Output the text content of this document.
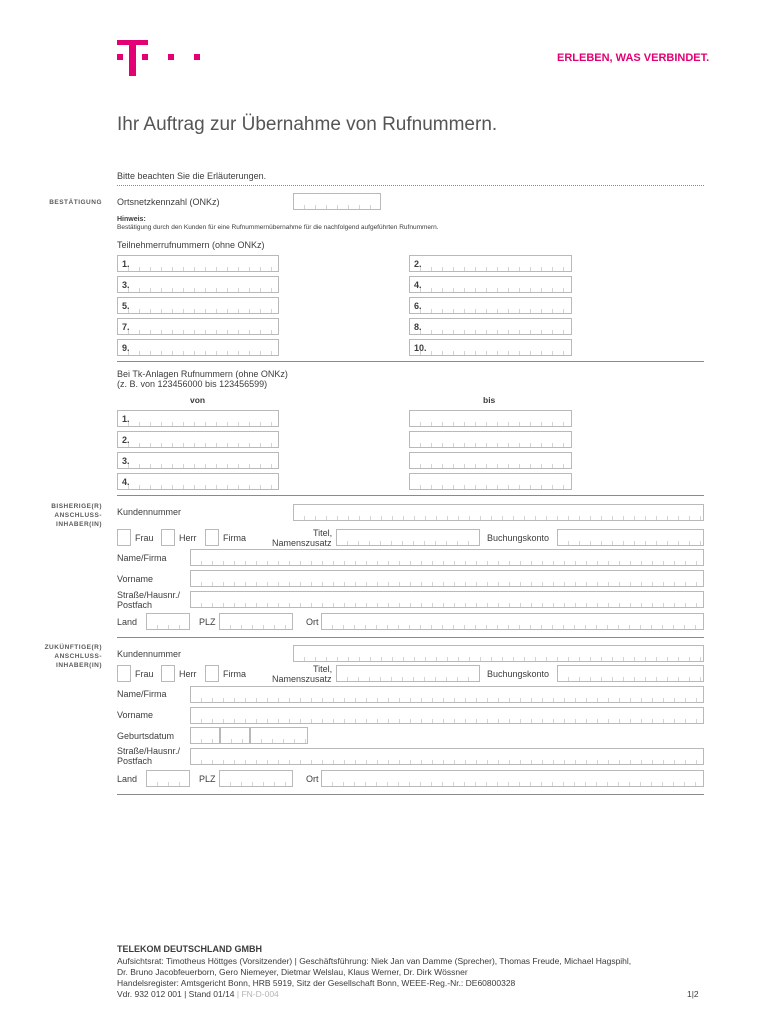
ERLEBEN, WAS VERBINDET.
Ihr Auftrag zur Übernahme von Rufnummern.
Bitte beachten Sie die Erläuterungen.
BESTÄTIGUNG Ortsnetzkennzahl (ONKz)
Hinweis:
Bestätigung durch den Kunden für eine Rufnummernübernahme für die nachfolgend aufgeführten Rufnummern.
Teilnehmerrufnummern (ohne ONKz)
1.	2.
3.	4.
5.	6.
7.	8.
9.	10.
Bei Tk-Anlagen Rufnummern (ohne ONKz)
(z. B. von 123456000 bis 123456599)
von	bis
1.
2.
3.
4.
BISHERIGE(R)
ANSCHLUSS-
INHABER(IN)
Kundennummer
Frau	Herr	Firma	Titel,
Namenszusatz	Buchungskonto
Name/Firma
Vorname
Straße/Hausnr./
Postfach
Land	PLZ	Ort
ZUKÜNFTIGE(R)
ANSCHLUSS-
INHABER(IN)
Kundennummer
Frau	Herr	Firma	Titel,
Namenszusatz	Buchungskonto
Name/Firma
Vorname
Geburtsdatum
Straße/Hausnr./
Postfach
Land	PLZ	Ort
TELEKOM DEUTSCHLAND GMBH
Aufsichtsrat: Timotheus Höttges (Vorsitzender) | Geschäftsführung: Niek Jan van Damme (Sprecher), Thomas Freude, Michael Hagspihl,
Dr. Bruno Jacobfeuerborn, Gero Niemeyer, Dietmar Welslau, Klaus Werner, Dr. Dirk Wössner
Handelsregister: Amtsgericht Bonn, HRB 5919, Sitz der Gesellschaft Bonn, WEEE-Reg.-Nr.: DE60800328
Vdr. 932 012 001 | Stand 01/14 | FN-D-004	1|2
